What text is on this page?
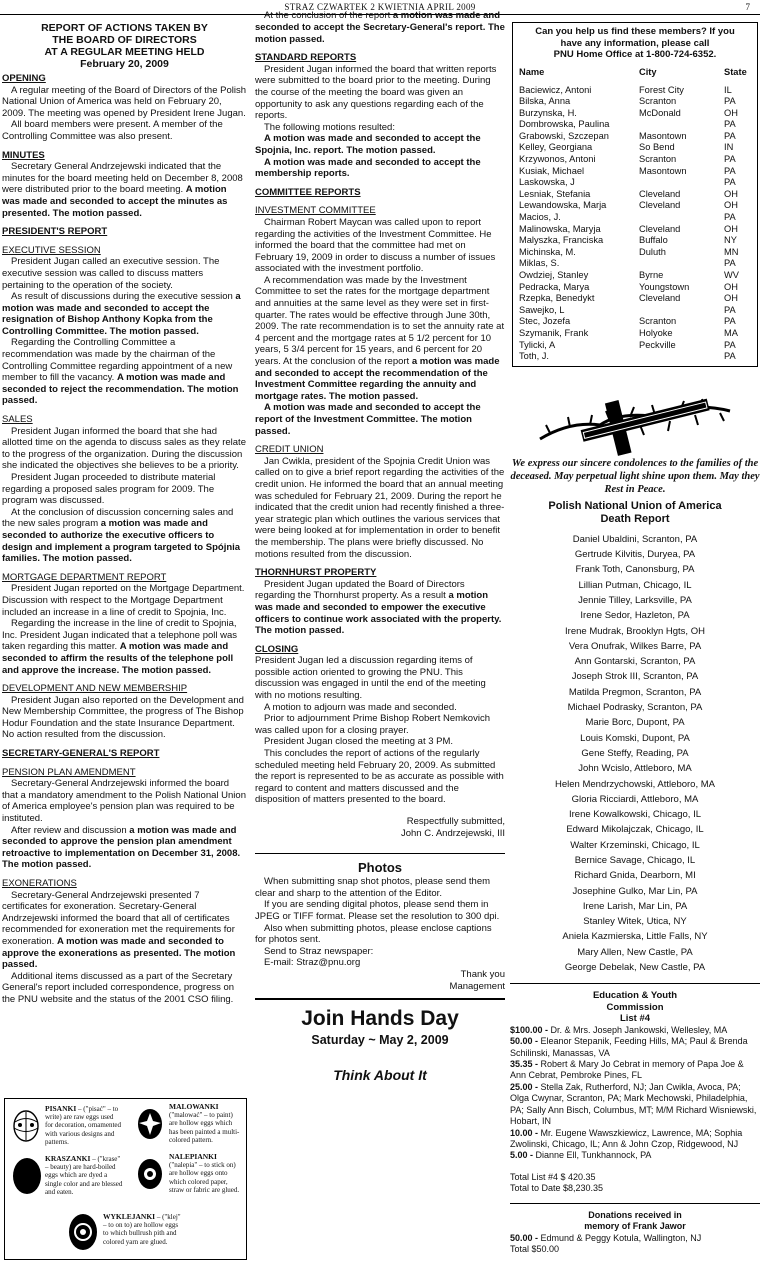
STRAZ CZWARTEK 2 KWIETNIA APRIL 2009	7
REPORT OF ACTIONS TAKEN BY
THE BOARD OF DIRECTORS
AT A REGULAR MEETING HELD
February 20, 2009
OPENING

A regular meeting of the Board of Directors of the Polish National Union of America was held on February 20, 2009. The meeting was opened by President Irene Jugan.

All board members were present. A member of the Controlling Committee was also present.

MINUTES

Secretary General Andrzejewski indicated that the minutes for the board meeting held on December 8, 2008 were distributed prior to the board meeting. A motion was made and seconded to accept the minutes as presented. The motion passed.

PRESIDENT'S REPORT
EXECUTIVE SESSION

President Jugan called an executive session. The executive session was called to discuss matters pertaining to the operation of the society.

As result of discussions during the executive session a motion was made and seconded to accept the resignation of Bishop Anthony Kopka from the Controlling Committee. The motion passed.

Regarding the Controlling Committee a recommendation was made by the chairman of the Controlling Committee regarding appointment of a new member to fill the vacancy. A motion was made and seconded to reject the recommendation. The motion passed.

SALES

President Jugan informed the board that she had allotted time on the agenda to discuss sales as they relate to the progress of the organization. During the discussion she indicated the objectives she believes to be a priority.

President Jugan proceeded to distribute material regarding a proposed sales program for 2009. The program was discussed.

At the conclusion of discussion concerning sales and the new sales program a motion was made and seconded to authorize the executive officers to design and implement a program targeted to Spójnia families. The motion passed.

MORTGAGE DEPARTMENT REPORT

President Jugan reported on the Mortgage Department. Discussion with respect to the Mortgage Department included an increase in a line of credit to Spojnia, Inc.

Regarding the increase in the line of credit to Spojnia, Inc. President Jugan indicated that a telephone poll was taken regarding this matter. A motion was made and seconded to affirm the results of the telephone poll and approve the increase. The motion passed.

DEVELOPMENT AND NEW MEMBERSHIP

President Jugan also reported on the Development and New Membership Committee, the progress of The Bishop Hodur Foundation and the state Insurance Department. No action resulted from the discussion.

SECRETARY-GENERAL'S REPORT
PENSION PLAN AMENDMENT

Secretary-General Andrzejewski informed the board that a mandatory amendment to the Polish National Union of America employee's pension plan was required to be instituted.

After review and discussion a motion was made and seconded to approve the pension plan amendment retroactive to implementation on December 31, 2008. The motion passed.

EXONERATIONS

Secretary-General Andrzejewski presented 7 certificates for exoneration. Secretary-General Andrzejewski informed the board that all of certificates recommended for exoneration met the requirements for exoneration. A motion was made and seconded to approve the exonerations as presented. The motion passed.

Additional items discussed as a part of the Secretary General's report included correspondence, progress on the PNU website and the status of the 2001 CSO filing.

PISANKI – ("pisać" – to write) are raw eggs used for decoration, ornamented with various designs and patterns.
MALOWANKI ("malować" – to paint) are hollow eggs which has been painted a multi-colored pattern.
KRASZANKI – ("krase" – beauty) are hard-boiled eggs which are dyed a single color and are blessed and eaten.
NALEPIANKI ("nalepia" – to stick on) are hollow eggs onto which colored paper, straw or fabric are glued.
WYKLEJANKI – ("klej" – to on to) are hollow eggs to which bullrush pith and colored yarn are glued.

At the conclusion of the report a motion was made and seconded to accept the Secretary-General's report. The motion passed.

STANDARD REPORTS

President Jugan informed the board that written reports were submitted to the board prior to the meeting. During the course of the meeting the board was given an opportunity to ask any questions regarding each of the reports.

The following motions resulted:

A motion was made and seconded to accept the Spojnia, Inc. report. The motion passed.

A motion was made and seconded to accept the membership reports.

COMMITTEE REPORTS
INVESTMENT COMMITTEE

Chairman Robert Maycan was called upon to report regarding the activities of the Investment Committee. He informed the board that the committee had met on February 19, 2009 in order to discuss a number of issues associated with the investment portfolio.

A recommendation was made by the Investment Committee to set the rates for the mortgage department and annuities at the same level as they were set in first-quarter. The rates would be effective through June 30th, 2009. The rate recommendation is to set the annuity rate at 4 percent and the mortgage rates at 5 1/2 percent for 10 years, 5 3/4 percent for 15 years, and 6 percent for 20 years. At the conclusion of the report a motion was made and seconded to accept the recommendation of the Investment Committee regarding the annuity and mortgage rates. The motion passed.

A motion was made and seconded to accept the report of the Investment Committee. The motion passed.

CREDIT UNION

Jan Cwikla, president of the Spojnia Credit Union was called on to give a brief report regarding the activities of the credit union. He informed the board that an annual meeting was scheduled for February 21, 2009. During the report he indicated that the credit union had recently finished a three-year strategic plan which outlines the various services that were being looked at for implementation in order to benefit the membership. The plans were briefly discussed. No motions resulted from the discussion.

THORNHURST PROPERTY

President Jugan updated the Board of Directors regarding the Thornhurst property. As a result a motion was made and seconded to empower the executive officers to continue work associated with the property. The motion passed.

CLOSING

President Jugan led a discussion regarding items of possible action oriented to growing the PNU. This discussion was engaged in until the end of the meeting with no motions resulting.

A motion to adjourn was made and seconded.

Prior to adjournment Prime Bishop Robert Nemkovich was called upon for a closing prayer.

President Jugan closed the meeting at 3 PM.

This concludes the report of actions of the regularly scheduled meeting held February 20, 2009. As submitted the report is represented to be as accurate as possible with regard to content and matters discussed and the disposition of matters presented to the board.

Respectfully submitted,
John C. Andrzejewski, III
Photos

When submitting snap shot photos, please send them clear and sharp to the attention of the Editor.

If you are sending digital photos, please send them in JPEG or TIFF format. Please set the resolution to 300 dpi.

Also when submitting photos, please enclose captions for photos sent.

Send to Straz newspaper:

E-mail: Straz@pnu.org

Thank you
Management
Join Hands Day
Saturday ~ May 2, 2009
Think About It
Can you help us find these members? If you
have any information, please call
PNU Home Office at 1-800-724-6352.
Name	City	State
Baciewicz, Antoni	Forest City	IL
Bilska, Anna	Scranton	PA
Burzynska, H.	McDonald	OH
Dombrowska, Paulina		PA
Grabowski, Szczepan	Masontown	PA
Kelley, Georgiana	So Bend	IN
Krzywonos, Antoni	Scranton	PA
Kusiak, Michael	Masontown	PA
Laskowska, J		PA
Lesniak, Stefania	Cleveland	OH
Lewandowska, Marja	Cleveland	OH
Macios, J.		PA
Malinowska, Maryja	Cleveland	OH
Malyszka, Franciska	Buffalo	NY
Michinska, M.	Duluth	MN
Miklas, S.		PA
Owdziej, Stanley	Byrne	WV
Pedracka, Marya	Youngstown	OH
Rzepka, Benedykt	Cleveland	OH
Sawejko, L		PA
Stec, Jozefa	Scranton	PA
Szymanik, Frank	Holyoke	MA
Tylicki, A	Peckville	PA
Toth, J.		PA
We express our sincere condolences to the families of the deceased. May perpetual light shine upon them. May they Rest in Peace.
Polish National Union of America
Death Report

Daniel Ubaldini, Scranton, PA

Gertrude Kilvitis, Duryea, PA

Frank Toth, Canonsburg, PA

Lillian Putman, Chicago, IL

Jennie Tilley, Larksville, PA

Irene Sedor, Hazleton, PA

Irene Mudrak, Brooklyn Hgts, OH

Vera Onufrak, Wilkes Barre, PA

Ann Gontarski, Scranton, PA

Joseph Strok III, Scranton, PA

Matilda Pregmon, Scranton, PA

Michael Podrasky, Scranton, PA

Marie Borc, Dupont, PA

Louis Komski, Dupont, PA

Gene Steffy, Reading, PA

John Wcislo, Attleboro, MA

Helen Mendrzychowski, Attleboro, MA

Gloria Ricciardi, Attleboro, MA

Irene Kowalkowski, Chicago, IL

Edward Mikolajczak, Chicago, IL

Walter Krzeminski, Chicago, IL

Bernice Savage, Chicago, IL

Richard Gnida, Dearborn, MI

Josephine Gulko, Mar Lin, PA

Irene Larish, Mar Lin, PA

Stanley Witek, Utica, NY

Aniela Kazmierska, Little Falls, NY

Mary Allen, New Castle, PA

George Debelak, New Castle, PA

Education & Youth
Commission
List #4

$100.00 - Dr. & Mrs. Joseph Jankowski, Wellesley, MA

50.00 - Eleanor Stepanik, Feeding Hills, MA; Paul & Brenda Schilinski, Manassas, VA

35.35 - Robert & Mary Jo Cebrat in memory of Papa Joe & Ann Cebrat, Pembroke Pines, FL

25.00 - Stella Zak, Rutherford, NJ; Jan Cwikla, Avoca, PA; Olga Cwynar, Scranton, PA; Mark Mechowski, Philadelphia, PA; Sally Ann Bisch, Columbus, MT; M/M Richard Wisniewski, Hobart, IN

10.00 - Mr. Eugene Wawszkiewicz, Lawrence, MA; Sophia Zwolinski, Chicago, IL; Ann & John Czop, Ridgewood, NJ

5.00 - Dianne Ell, Tunkhannock, PA

Total List #4 $ 420.35

Total to Date $8,230.35

Donations received in
memory of Frank Jawor

50.00 - Edmund & Peggy Kotula, Wallington, NJ

Total $50.00
